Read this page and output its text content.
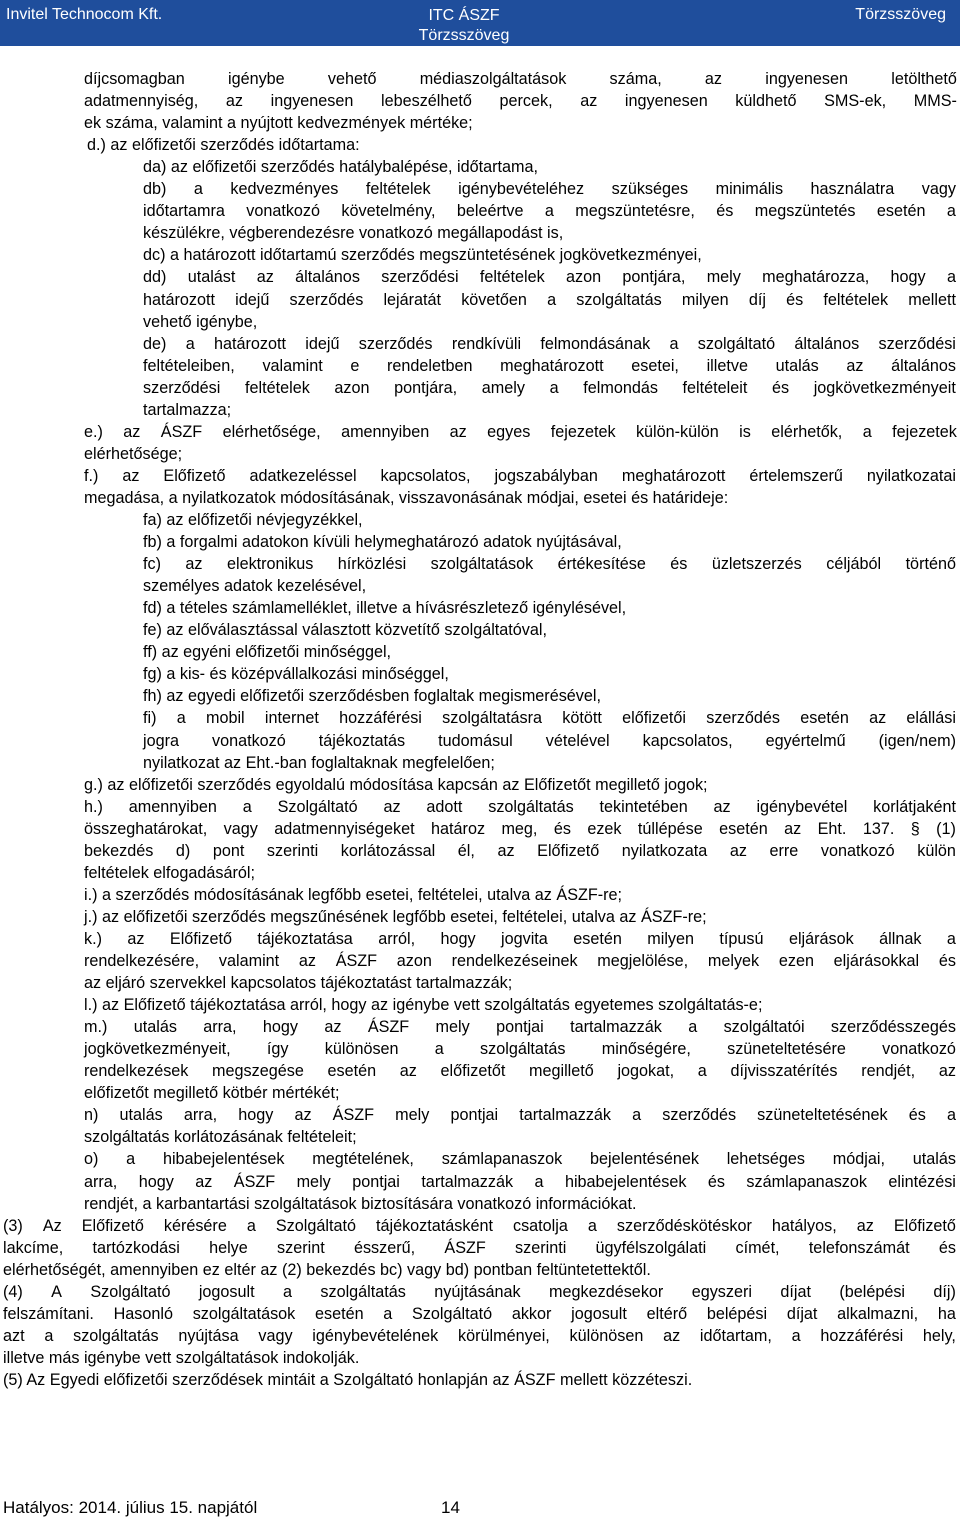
Invitel Technocom Kft.	ITC ÁSZF
Törzsszöveg
Törzsszöveg
díjcsomagban	igénybe	vehető	médiaszolgáltatások	száma,	az	ingyenesen	letölthető
adatmennyiség, az ingyenesen lebeszélhető percek, az ingyenesen küldhető SMS-ek, MMS-
ek száma, valamint a nyújtott kedvezmények mértéke;
d.) az előfizetői szerződés időtartama:
da) az előfizetői szerződés hatálybalépése, időtartama,
db) a kedvezményes feltételek igénybevételéhez szükséges minimális használatra vagy
időtartamra vonatkozó követelmény, beleértve a megszüntetésre, és megszüntetés esetén a
készülékre, végberendezésre vonatkozó megállapodást is,
dc) a határozott időtartamú szerződés megszüntetésének jogkövetkezményei,
dd) utalást az általános szerződési feltételek azon pontjára, mely meghatározza, hogy a
határozott idejű szerződés lejáratát követően a szolgáltatás milyen díj és feltételek mellett
vehető igénybe,
de) a határozott idejű szerződés rendkívüli felmondásának a szolgáltató általános szerződési
feltételeiben, valamint e rendeletben meghatározott esetei, illetve utalás az általános
szerződési feltételek azon pontjára, amely a felmondás feltételeit és jogkövetkezményeit
tartalmazza;
e.) az ÁSZF elérhetősége, amennyiben az egyes fejezetek külön-külön is elérhetők, a fejezetek
elérhetősége;
f.) az Előfizető adatkezeléssel kapcsolatos, jogszabályban meghatározott értelemszerű nyilatkozatai
megadása, a nyilatkozatok módosításának, visszavonásának módjai, esetei és határideje:
fa) az előfizetői névjegyzékkel,
fb) a forgalmi adatokon kívüli helymeghatározó adatok nyújtásával,
fc) az elektronikus hírközlési szolgáltatások értékesítése és üzletszerzés céljából történő
személyes adatok kezelésével,
fd) a tételes számlamelléklet, illetve a hívásrészletező igénylésével,
fe) az előválasztással választott közvetítő szolgáltatóval,
ff) az egyéni előfizetői minőséggel,
fg) a kis- és középvállalkozási minőséggel,
fh) az egyedi előfizetői szerződésben foglaltak megismerésével,
fi) a mobil internet hozzáférési szolgáltatásra kötött előfizetői szerződés esetén az elállási
jogra vonatkozó tájékoztatás tudomásul vételével kapcsolatos, egyértelmű (igen/nem)
nyilatkozat az Eht.-ban foglaltaknak megfelelően;
g.) az előfizetői szerződés egyoldalú módosítása kapcsán az Előfizetőt megillető jogok;
h.) amennyiben a Szolgáltató az adott szolgáltatás tekintetében az igénybevétel korlátjaként
összeghatárokat, vagy adatmennyiségeket határoz meg, és ezek túllépése esetén az Eht. 137. § (1)
bekezdés d) pont szerinti korlátozással él, az Előfizető nyilatkozata az erre vonatkozó külön
feltételek elfogadásáról;
i.) a szerződés módosításának legfőbb esetei, feltételei, utalva az ÁSZF-re;
j.) az előfizetői szerződés megszűnésének legfőbb esetei, feltételei, utalva az ÁSZF-re;
k.) az Előfizető tájékoztatása arról, hogy jogvita esetén milyen típusú eljárások állnak a
rendelkezésére, valamint az ÁSZF azon rendelkezéseinek megjelölése, melyek ezen eljárásokkal és
az eljáró szervekkel kapcsolatos tájékoztatást tartalmazzák;
l.) az Előfizető tájékoztatása arról, hogy az igénybe vett szolgáltatás egyetemes szolgáltatás-e;
m.) utalás arra, hogy az ÁSZF mely pontjai tartalmazzák a szolgáltatói szerződésszegés
jogkövetkezményeit, így különösen a szolgáltatás minőségére, szüneteltetésére vonatkozó
rendelkezések megszegése esetén az előfizetőt megillető jogokat, a díjvisszatérítés rendjét, az
előfizetőt megillető kötbér mértékét;
n) utalás arra, hogy az ÁSZF mely pontjai tartalmazzák a szerződés szüneteltetésének és a
szolgáltatás korlátozásának feltételeit;
o) a hibabejelentések megtételének, számlapanaszok bejelentésének lehetséges módjai, utalás
arra, hogy az ÁSZF mely pontjai tartalmazzák a hibabejelentések és számlapanaszok elintézési
rendjét, a karbantartási szolgáltatások biztosítására vonatkozó információkat.
(3) Az Előfizető kérésére a Szolgáltató tájékoztatásként csatolja a szerződéskötéskor hatályos, az Előfizető
lakcíme, tartózkodási helye szerint ésszerű, ÁSZF szerinti ügyfélszolgálati címét, telefonszámát és
elérhetőségét, amennyiben ez eltér az (2) bekezdés bc) vagy bd) pontban feltüntetettektől.
(4) A Szolgáltató jogosult a szolgáltatás nyújtásának megkezdésekor egyszeri díjat (belépési díj)
felszámítani. Hasonló szolgáltatások esetén a Szolgáltató akkor jogosult eltérő belépési díjat alkalmazni, ha
azt a szolgáltatás nyújtása vagy igénybevételének körülményei, különösen az időtartam, a hozzáférési hely,
illetve más igénybe vett szolgáltatások indokolják.
(5) Az Egyedi előfizetői szerződések mintáit a Szolgáltató honlapján az ÁSZF mellett közzéteszi.
Hatályos: 2014. július 15. napjától	14
